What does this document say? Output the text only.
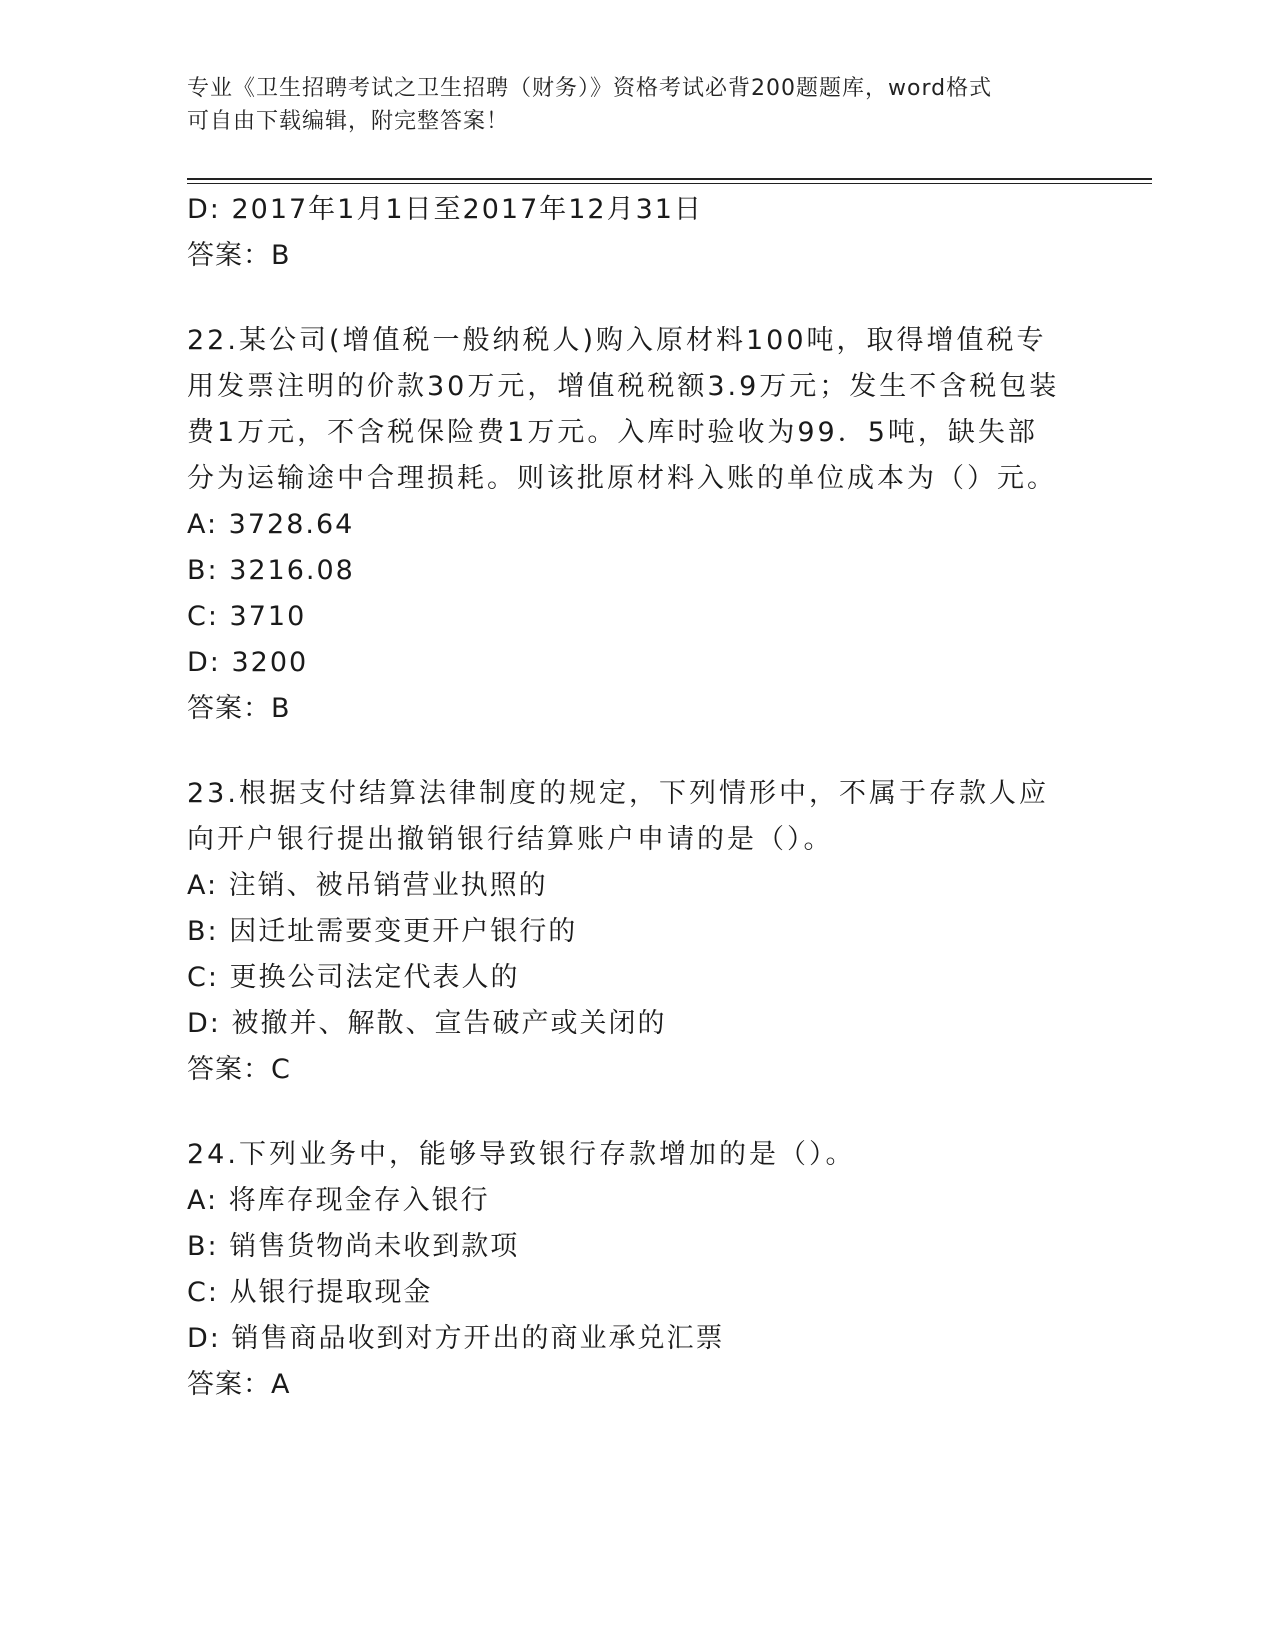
专业《卫生招聘考试之卫生招聘（财务）》资格考试必背200题题库，word格式
可自由下载编辑，附完整答案！
D: 2017年1月1日至2017年12月31日
答案：B
22.某公司(增值税一般纳税人)购入原材料100吨，取得增值税专用发票注明的价款30万元，增值税税额3.9万元；发生不含税包装费1万元，不含税保险费1万元。入库时验收为99．5吨，缺失部分为运输途中合理损耗。则该批原材料入账的单位成本为（）元。
A: 3728.64
B: 3216.08
C: 3710
D: 3200
答案：B
23.根据支付结算法律制度的规定，下列情形中，不属于存款人应向开户银行提出撤销银行结算账户申请的是（）。
A: 注销、被吊销营业执照的
B: 因迁址需要变更开户银行的
C: 更换公司法定代表人的
D: 被撤并、解散、宣告破产或关闭的
答案：C
24.下列业务中，能够导致银行存款增加的是（）。
A: 将库存现金存入银行
B: 销售货物尚未收到款项
C: 从银行提取现金
D: 销售商品收到对方开出的商业承兑汇票
答案：A
